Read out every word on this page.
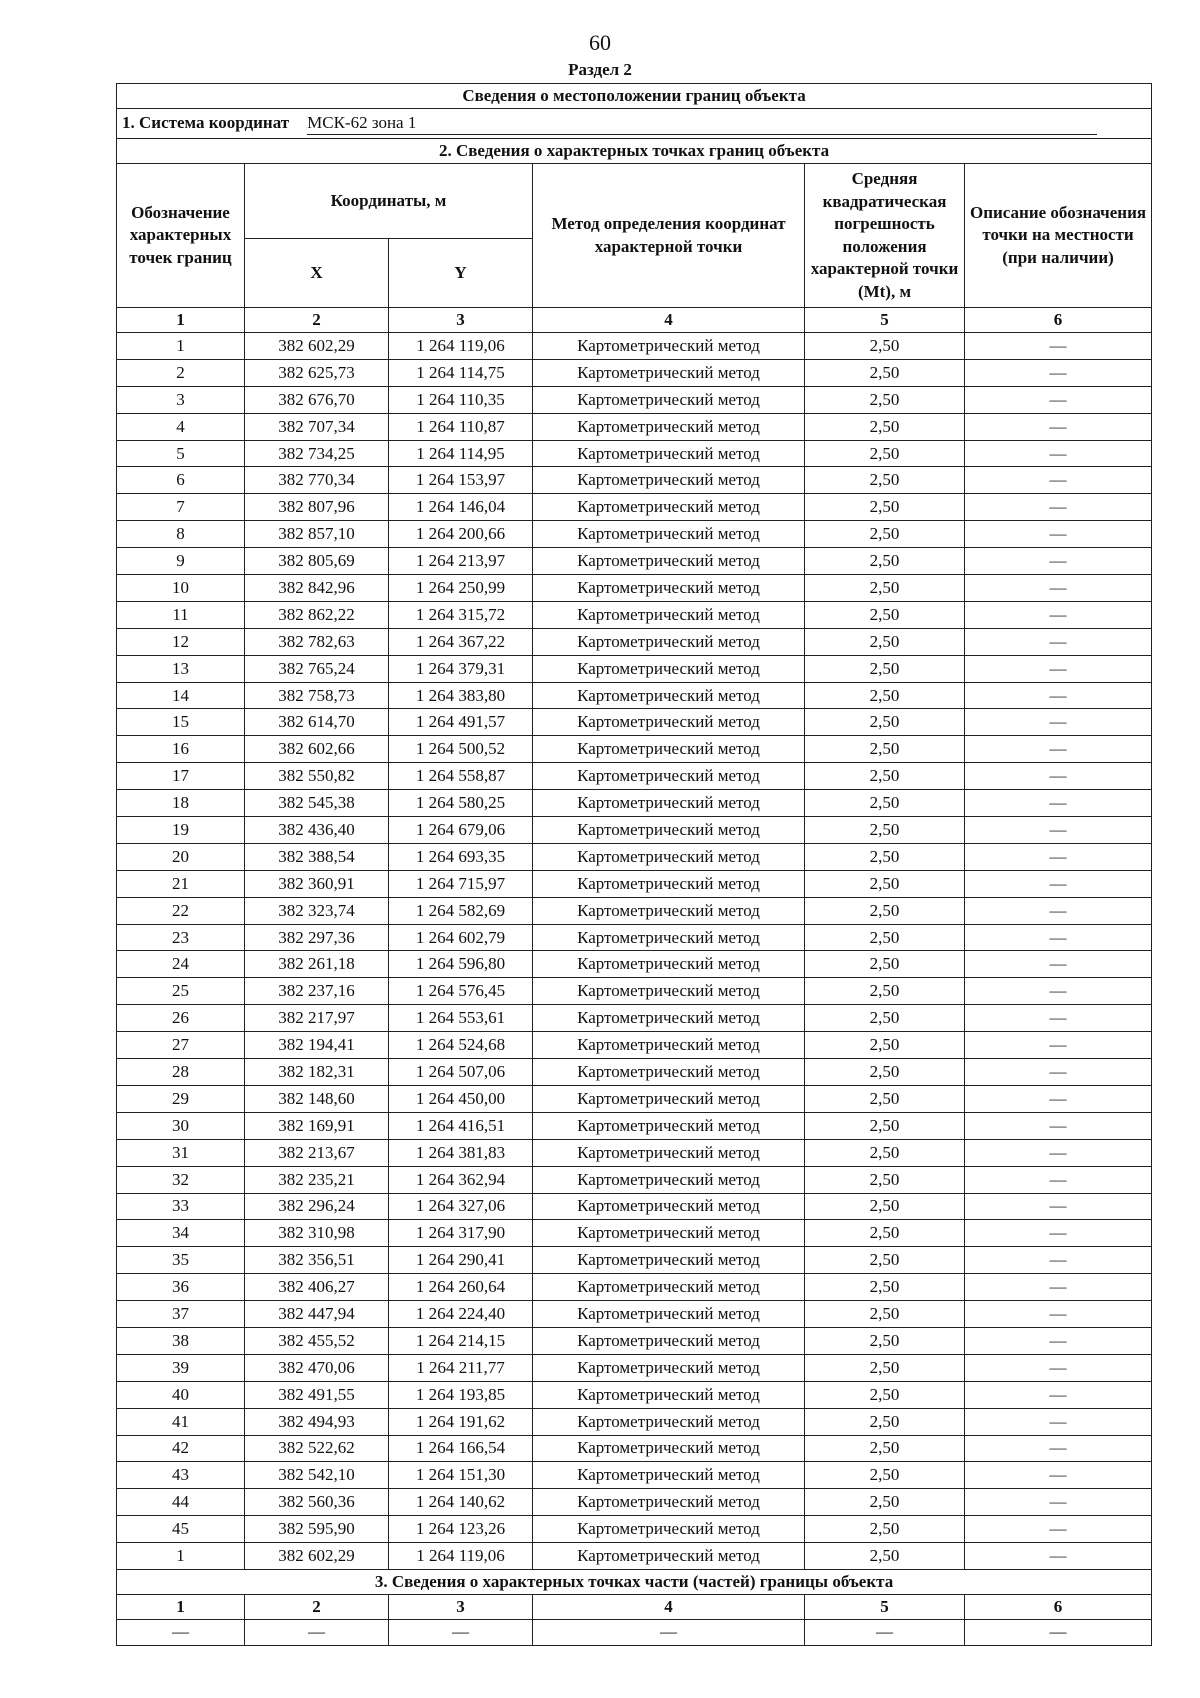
60
Раздел 2
Сведения о местоположении границ объекта					
1. Система координат МСК-62 зона 1					
2. Сведения о характерных точках границ объекта					
Обозначение характерных точек границ	Координаты, м		Метод определения координат характерной точки	Средняя квадратическая погрешность положения характерной точки (Mt), м	Описание обозначения точки на местности (при наличии)
	X	Y			
1	2	3	4	5	6
1	382 602,29	1 264 119,06	Картометрический метод	2,50	—
2	382 625,73	1 264 114,75	Картометрический метод	2,50	—
3	382 676,70	1 264 110,35	Картометрический метод	2,50	—
4	382 707,34	1 264 110,87	Картометрический метод	2,50	—
5	382 734,25	1 264 114,95	Картометрический метод	2,50	—
6	382 770,34	1 264 153,97	Картометрический метод	2,50	—
7	382 807,96	1 264 146,04	Картометрический метод	2,50	—
8	382 857,10	1 264 200,66	Картометрический метод	2,50	—
9	382 805,69	1 264 213,97	Картометрический метод	2,50	—
10	382 842,96	1 264 250,99	Картометрический метод	2,50	—
11	382 862,22	1 264 315,72	Картометрический метод	2,50	—
12	382 782,63	1 264 367,22	Картометрический метод	2,50	—
13	382 765,24	1 264 379,31	Картометрический метод	2,50	—
14	382 758,73	1 264 383,80	Картометрический метод	2,50	—
15	382 614,70	1 264 491,57	Картометрический метод	2,50	—
16	382 602,66	1 264 500,52	Картометрический метод	2,50	—
17	382 550,82	1 264 558,87	Картометрический метод	2,50	—
18	382 545,38	1 264 580,25	Картометрический метод	2,50	—
19	382 436,40	1 264 679,06	Картометрический метод	2,50	—
20	382 388,54	1 264 693,35	Картометрический метод	2,50	—
21	382 360,91	1 264 715,97	Картометрический метод	2,50	—
22	382 323,74	1 264 582,69	Картометрический метод	2,50	—
23	382 297,36	1 264 602,79	Картометрический метод	2,50	—
24	382 261,18	1 264 596,80	Картометрический метод	2,50	—
25	382 237,16	1 264 576,45	Картометрический метод	2,50	—
26	382 217,97	1 264 553,61	Картометрический метод	2,50	—
27	382 194,41	1 264 524,68	Картометрический метод	2,50	—
28	382 182,31	1 264 507,06	Картометрический метод	2,50	—
29	382 148,60	1 264 450,00	Картометрический метод	2,50	—
30	382 169,91	1 264 416,51	Картометрический метод	2,50	—
31	382 213,67	1 264 381,83	Картометрический метод	2,50	—
32	382 235,21	1 264 362,94	Картометрический метод	2,50	—
33	382 296,24	1 264 327,06	Картометрический метод	2,50	—
34	382 310,98	1 264 317,90	Картометрический метод	2,50	—
35	382 356,51	1 264 290,41	Картометрический метод	2,50	—
36	382 406,27	1 264 260,64	Картометрический метод	2,50	—
37	382 447,94	1 264 224,40	Картометрический метод	2,50	—
38	382 455,52	1 264 214,15	Картометрический метод	2,50	—
39	382 470,06	1 264 211,77	Картометрический метод	2,50	—
40	382 491,55	1 264 193,85	Картометрический метод	2,50	—
41	382 494,93	1 264 191,62	Картометрический метод	2,50	—
42	382 522,62	1 264 166,54	Картометрический метод	2,50	—
43	382 542,10	1 264 151,30	Картометрический метод	2,50	—
44	382 560,36	1 264 140,62	Картометрический метод	2,50	—
45	382 595,90	1 264 123,26	Картометрический метод	2,50	—
1	382 602,29	1 264 119,06	Картометрический метод	2,50	—
3. Сведения о характерных точках части (частей) границы объекта					
1	2	3	4	5	6
—	—	—	—	—	—
